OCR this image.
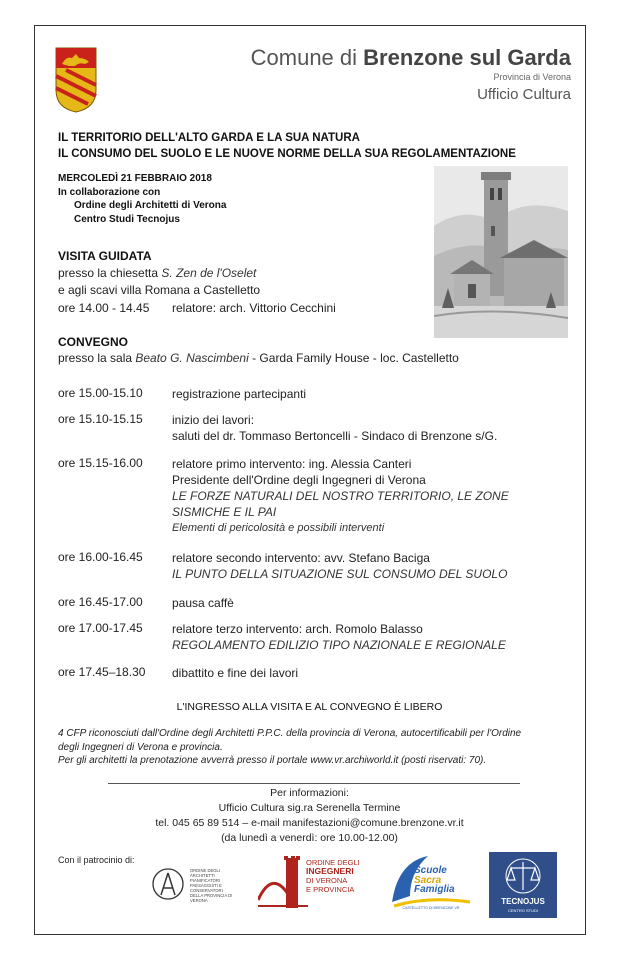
Comune di Brenzone sul Garda
Provincia di Verona
Ufficio Cultura
IL TERRITORIO DELL'ALTO GARDA E LA SUA NATURA
IL CONSUMO DEL SUOLO E LE NUOVE NORME DELLA SUA REGOLAMENTAZIONE
MERCOLEDÌ 21 FEBBRAIO 2018
In collaborazione con
Ordine degli Architetti di Verona
Centro Studi Tecnojus
VISITA GUIDATA
presso la chiesetta S. Zen de l'Oselet
e agli scavi villa Romana a Castelletto
ore 14.00 - 14.45 relatore: arch. Vittorio Cecchini
CONVEGNO
presso la sala Beato G. Nascimbeni - Garda Family House - loc. Castelletto
ore 15.00-15.10 registrazione partecipanti
ore 15.10-15.15 inizio dei lavori:
saluti del dr. Tommaso Bertoncelli - Sindaco di Brenzone s/G.
ore 15.15-16.00 relatore primo intervento: ing. Alessia Canteri
Presidente dell'Ordine degli Ingegneri di Verona
LE FORZE NATURALI DEL NOSTRO TERRITORIO, LE ZONE
SISMICHE E IL PAI
Elementi di pericolosità e possibili interventi
ore 16.00-16.45 relatore secondo intervento: avv. Stefano Baciga
IL PUNTO DELLA SITUAZIONE SUL CONSUMO DEL SUOLO
ore 16.45-17.00 pausa caffè
ore 17.00-17.45 relatore terzo intervento: arch. Romolo Balasso
REGOLAMENTO EDILIZIO TIPO NAZIONALE E REGIONALE
ore 17.45–18.30 dibattito e fine dei lavori
L'INGRESSO ALLA VISITA E AL CONVEGNO È LIBERO
4 CFP riconosciuti dall'Ordine degli Architetti P.P.C. della provincia di Verona, autocertificabili per l'Ordine
degli Ingegneri di Verona e provincia.
Per gli architetti la prenotazione avverrà presso il portale www.vr.archiworld.it (posti riservati: 70).
Per informazioni:
Ufficio Cultura sig.ra Serenella Termine
tel. 045 65 89 514 – e-mail manifestazioni@comune.brenzone.vr.it
(da lunedì a venerdì: ore 10.00-12.00)
Con il patrocinio di:
ORDINE DEGLI ARCHITETTI PIANIFICATORI PAESAGGISTI E CONSERVATORI DELLA PROVINCIA DI VERONA
ORDINE DEGLI
INGEGNERI
DI VERONA
E PROVINCIA
Scuole
Sacra
Famiglia
CASTELLETTO DI BRENZONE VR
TECNOJUS
CENTRO STUDI
